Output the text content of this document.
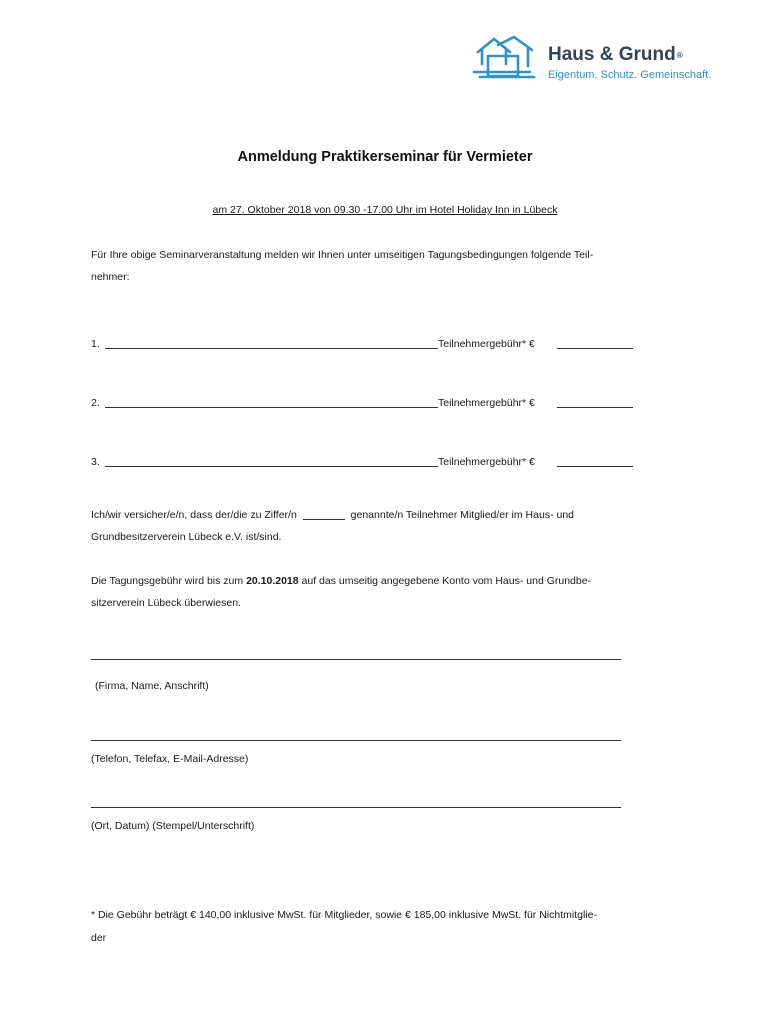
Haus & Grund®
Eigentum. Schutz. Gemeinschaft.
Anmeldung Praktikerseminar für Vermieter
am 27. Oktober 2018 von 09.30 -17.00 Uhr im Hotel Holiday Inn in Lübeck
Für Ihre obige Seminarveranstaltung melden wir Ihnen unter umseitigen Tagungsbedingungen folgende Teil-
nehmer:
1.	Teilnehmergebühr* €
2.	Teilnehmergebühr* €
3.	Teilnehmergebühr* €
Ich/wir versicher/e/n, dass der/die zu Ziffer/n	genannte/n Teilnehmer Mitglied/er im Haus- und
Grundbesitzerverein Lübeck e.V. ist/sind.
Die Tagungsgebühr wird bis zum 20.10.2018 auf das umseitig angegebene Konto vom Haus- und Grundbe-
sitzerverein Lübeck überwiesen.
(Firma, Name, Anschrift)
(Telefon, Telefax, E-Mail-Adresse)
(Ort, Datum) (Stempel/Unterschrift)
* Die Gebühr beträgt € 140,00 inklusive MwSt. für Mitglieder, sowie € 185,00 inklusive MwSt. für Nichtmitglie-
der
